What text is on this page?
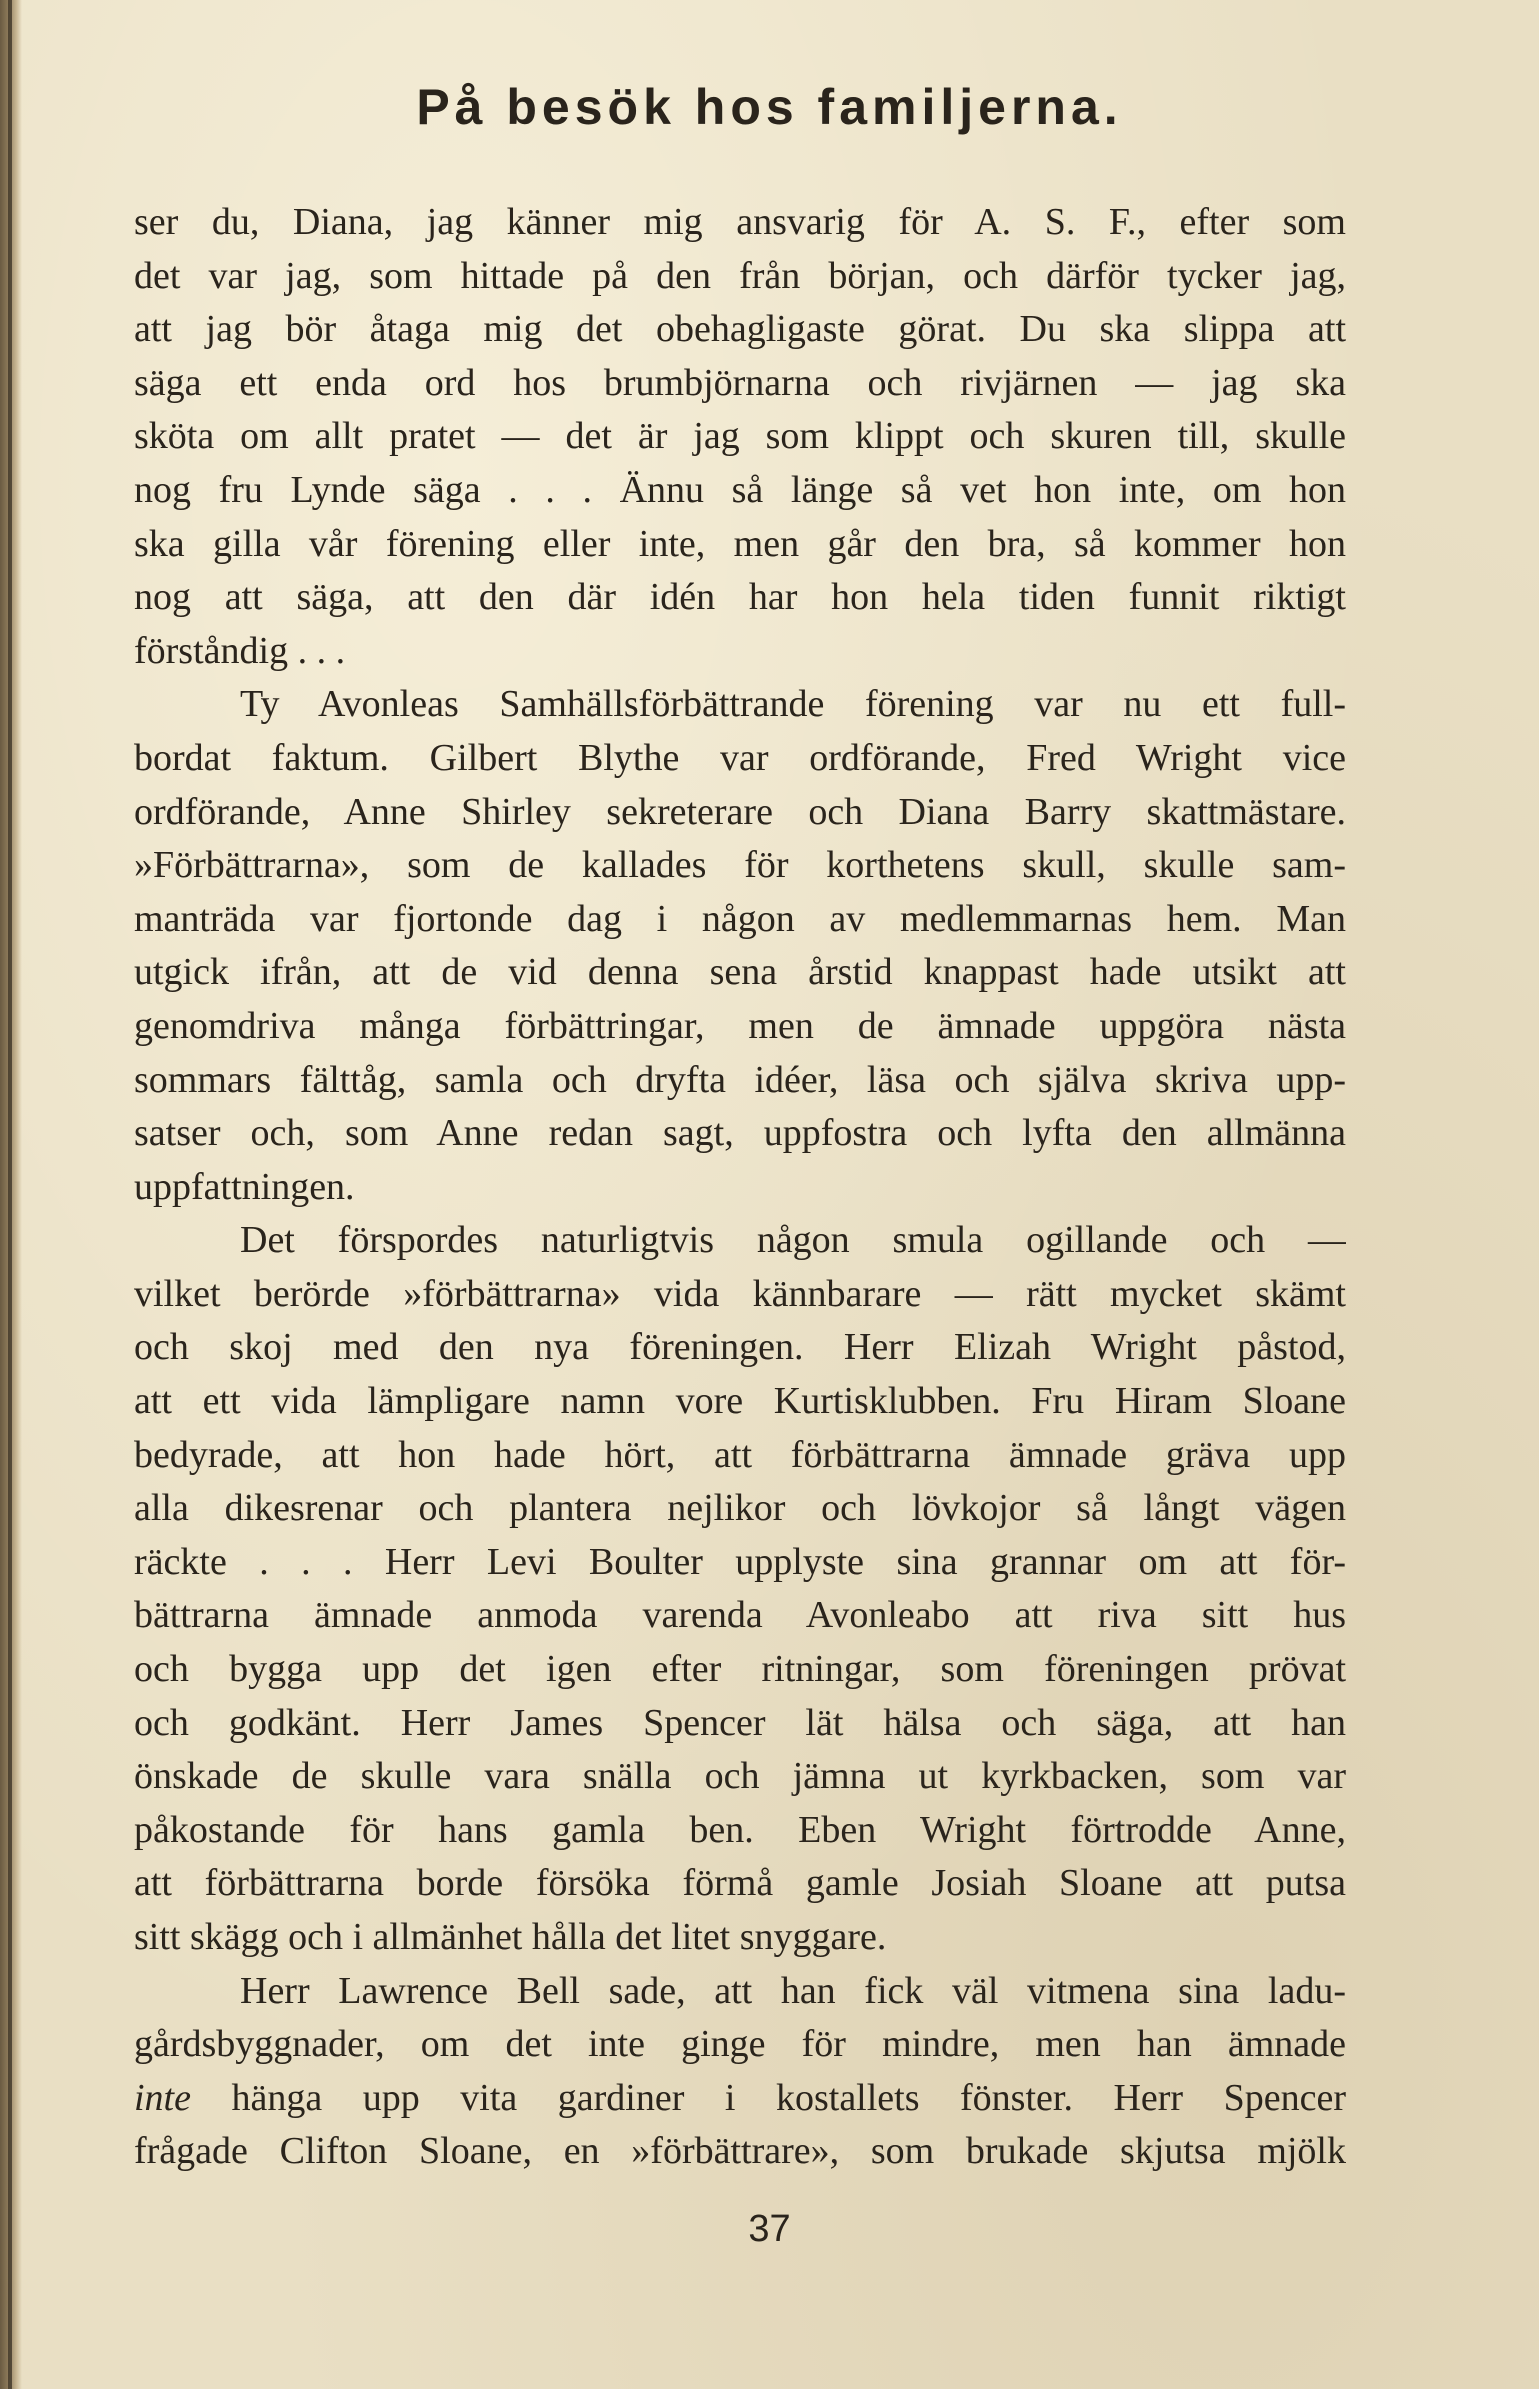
På besök hos familjerna.
ser du, Diana, jag känner mig ansvarig för A. S. F., efter som
det var jag, som hittade på den från början, och därför tycker jag,
att jag bör åtaga mig det obehagligaste görat. Du ska slippa att
säga ett enda ord hos brumbjörnarna och rivjärnen — jag ska
sköta om allt pratet — det är jag som klippt och skuren till, skulle
nog fru Lynde säga . . . Ännu så länge så vet hon inte, om hon
ska gilla vår förening eller inte, men går den bra, så kommer hon
nog att säga, att den där idén har hon hela tiden funnit riktigt
förståndig . . .
Ty Avonleas Samhällsförbättrande förening var nu ett full-
bordat faktum. Gilbert Blythe var ordförande, Fred Wright vice
ordförande, Anne Shirley sekreterare och Diana Barry skattmästare.
»Förbättrarna», som de kallades för korthetens skull, skulle sam-
manträda var fjortonde dag i någon av medlemmarnas hem. Man
utgick ifrån, att de vid denna sena årstid knappast hade utsikt att
genomdriva många förbättringar, men de ämnade uppgöra nästa
sommars fälttåg, samla och dryfta idéer, läsa och själva skriva upp-
satser och, som Anne redan sagt, uppfostra och lyfta den allmänna
uppfattningen.
Det förspordes naturligtvis någon smula ogillande och —
vilket berörde »förbättrarna» vida kännbarare — rätt mycket skämt
och skoj med den nya föreningen. Herr Elizah Wright påstod,
att ett vida lämpligare namn vore Kurtisklubben. Fru Hiram Sloane
bedyrade, att hon hade hört, att förbättrarna ämnade gräva upp
alla dikesrenar och plantera nejlikor och lövkojor så långt vägen
räckte . . . Herr Levi Boulter upplyste sina grannar om att för-
bättrarna ämnade anmoda varenda Avonleabo att riva sitt hus
och bygga upp det igen efter ritningar, som föreningen prövat
och godkänt. Herr James Spencer lät hälsa och säga, att han
önskade de skulle vara snälla och jämna ut kyrkbacken, som var
påkostande för hans gamla ben. Eben Wright förtrodde Anne,
att förbättrarna borde försöka förmå gamle Josiah Sloane att putsa
sitt skägg och i allmänhet hålla det litet snyggare.
Herr Lawrence Bell sade, att han fick väl vitmena sina ladu-
gårdsbyggnader, om det inte ginge för mindre, men han ämnade
inte hänga upp vita gardiner i kostallets fönster. Herr Spencer
frågade Clifton Sloane, en »förbättrare», som brukade skjutsa mjölk
37
